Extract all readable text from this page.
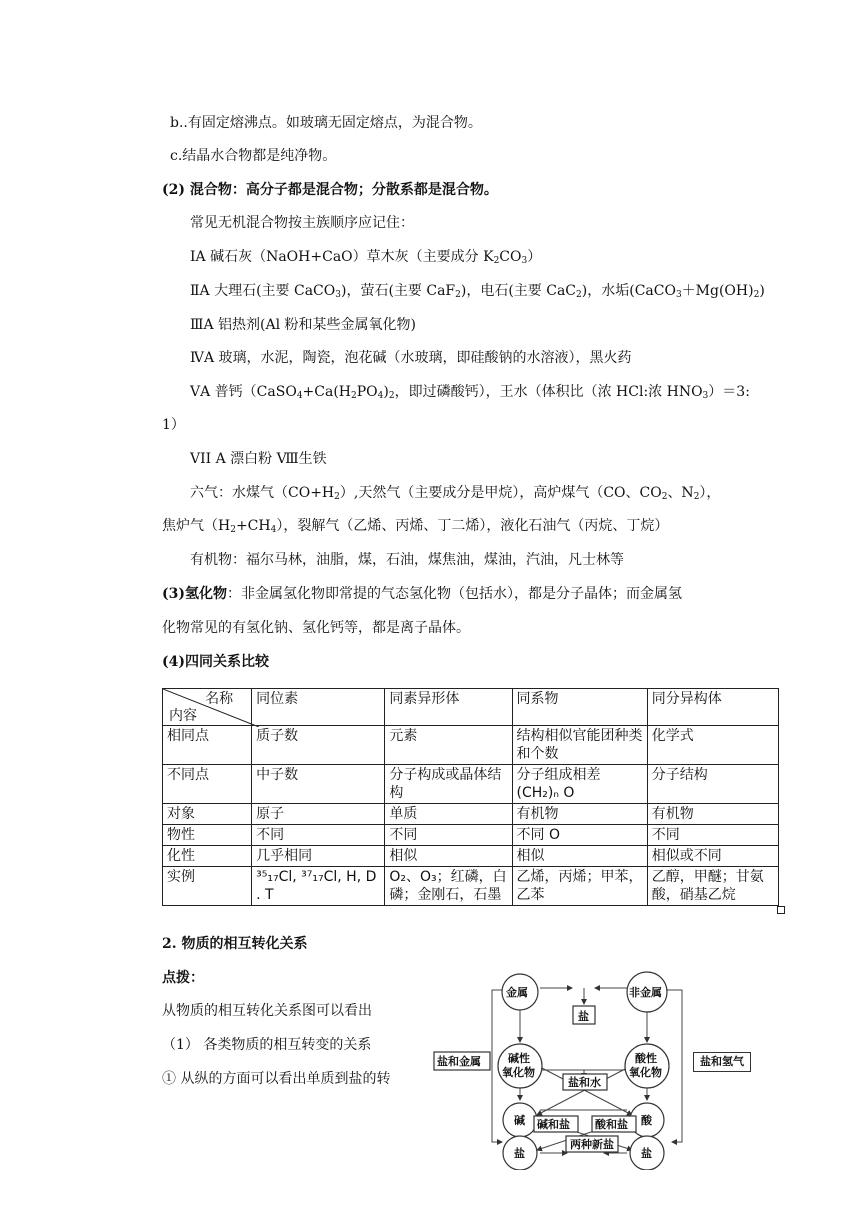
b..有固定熔沸点。如玻璃无固定熔点，为混合物。
c.结晶水合物都是纯净物。
(2) 混合物：高分子都是混合物；分散系都是混合物。
常见无机混合物按主族顺序应记住：
ⅠA 碱石灰（NaOH+CaO）草木灰（主要成分 $K_2CO_3$）
ⅡA 大理石(主要 CaCO$_3$)，萤石(主要 CaF$_2$)，电石(主要 CaC$_2$)，水垢$(CaCO_3+Mg(OH)_2)$
ⅢA 铝热剂(Al 粉和某些金属氧化物)
ⅣA 玻璃，水泥，陶瓷，泡花碱（水玻璃，即硅酸钠的水溶液），黑火药
ⅤA 普钙（$CaSO_4+Ca(H_2PO_4)_2$，即过磷酸钙），王水（体积比（浓 HCl:浓 $HNO_3)=3$:
1）
VII A 漂白粉 Ⅷ生铁
六气：水煤气$(CO+H_2)$,天然气（主要成分是甲烷），高炉煤气（CO、$CO_2$、$N_2$），
焦炉气$(H_2+CH_4)$，裂解气（乙烯、丙烯、丁二烯），液化石油气（丙烷、丁烷）
有机物：福尔马林，油脂，煤，石油，煤焦油，煤油，汽油，凡士林等
(3)氢化物：非金属氢化物即常提的气态氢化物（包括水），都是分子晶体；而金属氢
化物常见的有氢化钠、氢化钙等，都是离子晶体。
(4)四同关系比较
名称
内容	同位素	同素异形体	同系物	同分异构体
相同点	质子数	元素	结构相似官能团种类和个数	化学式
不同点	中子数	分子构成或晶体结构	分子组成相差(CH₂)ₙ O	分子结构
对象	原子	单质	有机物	有机物
物性	不同	不同	不同 O	不同
化性	几乎相同	相似	相似	相似或不同
实例	³⁵₁₇Cl, ³⁷₁₇Cl, H, D . T	O₂、O₃；红磷，白磷；金刚石，石墨	乙烯，丙烯；甲苯，乙苯	乙醇，甲醚；甘氨酸，硝基乙烷
2. 物质的相互转化关系
点拨：
从物质的相互转化关系图可以看出
（1） 各类物质的相互转变的关系
① 从纵的方面可以看出单质到盐的转
金属	非金属
盐
碱性
氧化物
酸性
氧化物
盐和金属
盐和水
碱	酸
碱和盐 酸和盐
两种新盐
盐	盐
盐和氢气
